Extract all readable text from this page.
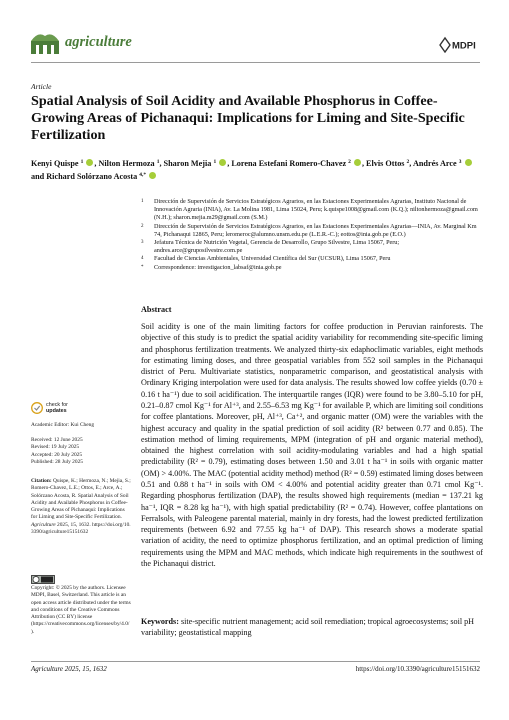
agriculture	MDPI
Article
Spatial Analysis of Soil Acidity and Available Phosphorus in Coffee-Growing Areas of Pichanaqui: Implications for Liming and Site-Specific Fertilization
Kenyi Quispe $^1$ , Nilton Hermoza $^1$, Sharon Mejia $^1$ , Lorena Estefani Romero-Chavez $^2$ , Elvis Ottos $^2$, Andrés Arce $^3$  and Richard Solórzano Acosta $^{4,*}$
1 Dirección de Supervisión de Servicios Estratégicos Agrarios, en las Estaciones Experimentales Agrarias, Instituto Nacional de Innovación Agraria (INIA), Av. La Molina 1981, Lima 15024, Peru; k.quispe1008@gmail.com (K.Q.); niltonhermoza@gmail.com (N.H.); sharon.mejia.m29@gmail.com (S.M.)
2 Dirección de Supervisión de Servicios Estratégicos Agrarios, en las Estaciones Experimentales Agrarias—INIA, Av. Marginal Km 74, Pichanaqui 12865, Peru; leromeroc@alumno.unsm.edu.pe (L.E.R.-C.); eottos@inia.gob.pe (E.O.)
3 Jefatura Técnica de Nutrición Vegetal, Gerencia de Desarrollo, Grupo Silvestre, Lima 15067, Peru; andres.arce@gruposilvestre.com.pe
4 Facultad de Ciencias Ambientales, Universidad Científica del Sur (UCSUR), Lima 15067, Peru
* Correspondence: investigacion_labsaf@inia.gob.pe
Abstract

Soil acidity is one of the main limiting factors for coffee production in Peruvian rainforests. The objective of this study is to predict the spatial acidity variability for recommending site-specific liming and phosphorus fertilization treatments. We analyzed thirty-six edaphoclimatic variables, eight methods for estimating liming doses, and three geospatial variables from 552 soil samples in the Pichanaqui district of Peru. Multivariate statistics, nonparametric comparison, and geostatistical analysis with Ordinary Kriging interpolation were used for data analysis. The results showed low coffee yields (0.70 ± 0.16 t ha⁻¹) due to soil acidification. The interquartile ranges (IQR) were found to be 3.80–5.10 for pH, 0.21–0.87 cmol Kg⁻¹ for Al⁺³, and 2.55–6.53 mg Kg⁻¹ for available P, which are limiting soil conditions for coffee plantations. Moreover, pH, Al⁺³, Ca⁺², and organic matter (OM) were the variables with the highest accuracy and quality in the spatial prediction of soil acidity (R² between 0.77 and 0.85). The estimation method of liming requirements, MPM (integration of pH and organic material method), obtained the highest correlation with soil acidity-modulating variables and had a high spatial predictability (R² = 0.79), estimating doses between 1.50 and 3.01 t ha⁻¹ in soils with organic matter (OM) > 4.00%. The MAC (potential acidity method) method (R² = 0.59) estimated liming doses between 0.51 and 0.88 t ha⁻¹ in soils with OM < 4.00% and potential acidity greater than 0.71 cmol Kg⁻¹. Regarding phosphorus fertilization (DAP), the results showed high requirements (median = 137.21 kg ha⁻¹, IQR = 8.28 kg ha⁻¹), with high spatial predictability (R² = 0.74). However, coffee plantations on Ferralsols, with Paleogene parental material, mainly in dry forests, had the lowest predicted fertilization requirements (between 6.92 and 77.55 kg ha⁻¹ of DAP). This research shows a moderate spatial variation of acidity, the need to optimize phosphorus fertilization, and an optimal prediction of liming requirements using the MPM and MAC methods, which indicate high requirements in the southwest of the Pichanaqui district.

Keywords: site-specific nutrient management; acid soil remediation; tropical agroecosystems; soil pH variability; geostatistical mapping

check for
updates
Academic Editor: Kui Cheng
Received: 12 June 2025
Revised: 19 July 2025
Accepted: 20 July 2025
Published: 28 July 2025
Citation: Quispe, K.; Hermoza, N.; Mejia, S.; Romero-Chavez, L.E.; Ottos, E.; Arce, A.; Solórzano Acosta, R. Spatial Analysis of Soil Acidity and Available Phosphorus in Coffee-Growing Areas of Pichanaqui: Implications for Liming and Site-Specific Fertilization. Agriculture 2025, 15, 1632. https://doi.org/10.3390/agriculture15151632
Copyright: © 2025 by the authors. Licensee MDPI, Basel, Switzerland. This article is an open access article distributed under the terms and conditions of the Creative Commons Attribution (CC BY) license (https://creativecommons.org/licenses/by/4.0/).
Agriculture 2025, 15, 1632	https://doi.org/10.3390/agriculture15151632
